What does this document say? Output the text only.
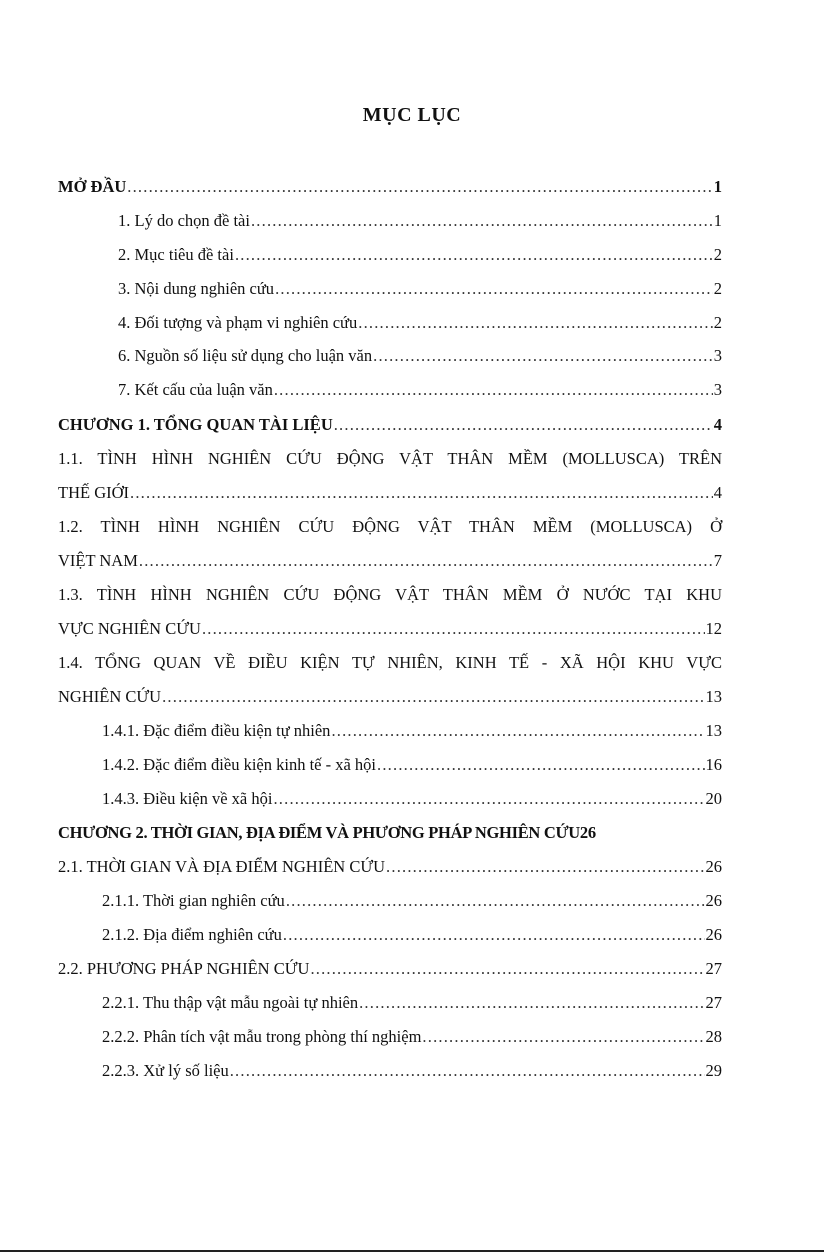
MỤC LỤC
MỞ ĐẦU .....	1
1. Lý do chọn đề tài .....	1
2. Mục tiêu đề tài .....	2
3. Nội dung nghiên cứu .....	2
4. Đối tượng và phạm vi nghiên cứu .....	2
6. Nguồn số liệu sử dụng cho luận văn .....	3
7. Kết cấu của luận văn .....	3
CHƯƠNG 1. TỔNG QUAN TÀI LIỆU .....	4
1.1. TÌNH HÌNH NGHIÊN CỨU ĐỘNG VẬT THÂN MỀM (MOLLUSCA) TRÊN
THẾ GIỚI .....	4
1.2. TÌNH HÌNH NGHIÊN CỨU ĐỘNG VẬT THÂN MỀM (MOLLUSCA) Ở
VIỆT NAM .....	7
1.3. TÌNH HÌNH NGHIÊN CỨU ĐỘNG VẬT THÂN MỀM Ở NƯỚC TẠI KHU
VỰC NGHIÊN CỨU .....	12
1.4. TỔNG QUAN VỀ ĐIỀU KIỆN TỰ NHIÊN, KINH TẾ - XÃ HỘI KHU VỰC
NGHIÊN CỨU .....	13
1.4.1. Đặc điểm điều kiện tự nhiên .....	13
1.4.2. Đặc điểm điều kiện kinh tế - xã hội .....	16
1.4.3. Điều kiện về xã hội .....	20
CHƯƠNG 2. THỜI GIAN, ĐỊA ĐIỂM VÀ PHƯƠNG PHÁP NGHIÊN CỨU 26
2.1. THỜI GIAN VÀ ĐỊA ĐIỂM NGHIÊN CỨU .....	26
2.1.1. Thời gian nghiên cứu .....	26
2.1.2. Địa điểm nghiên cứu .....	26
2.2. PHƯƠNG PHÁP NGHIÊN CỨU .....	27
2.2.1. Thu thập vật mẫu ngoài tự nhiên .....	27
2.2.2. Phân tích vật mẫu trong phòng thí nghiệm .....	28
2.2.3. Xử lý số liệu .....	29
